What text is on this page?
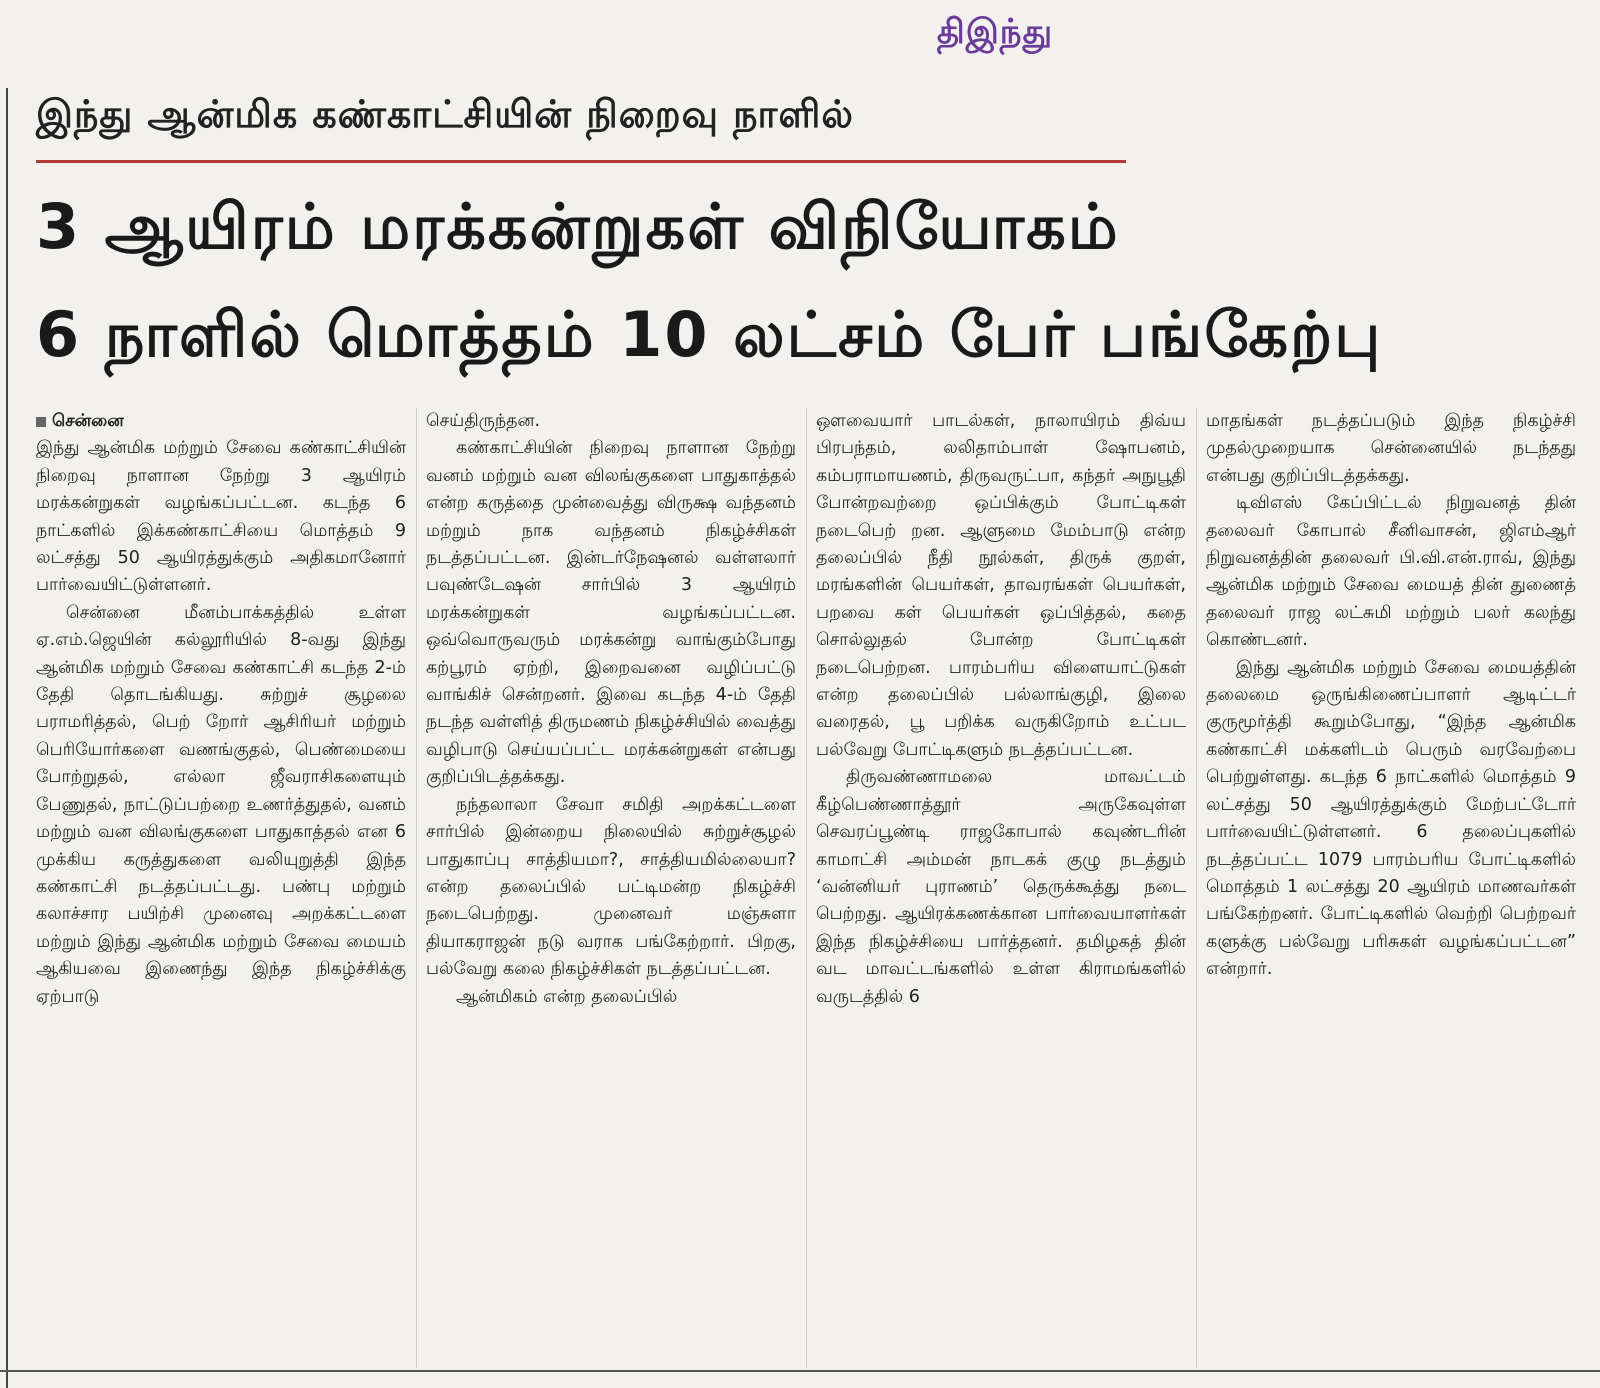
திஇந்து
இந்து ஆன்மிக கண்காட்சியின் நிறைவு நாளில்
3 ஆயிரம் மரக்கன்றுகள் விநியோகம்
6 நாளில் மொத்தம் 10 லட்சம் பேர் பங்கேற்பு
சென்னை

இந்து ஆன்மிக மற்றும் சேவை கண்காட்சியின் நிறைவு நாளான நேற்று 3 ஆயிரம் மரக்கன்றுகள் வழங்கப்பட்டன. கடந்த 6 நாட்களில் இக்கண்காட்சியை மொத்தம் 9 லட்சத்து 50 ஆயிரத்துக்கும் அதிகமானோர் பார்வையிட்டுள்ளனர்.

சென்னை மீனம்பாக்கத்தில் உள்ள ஏ.எம்.ஜெயின் கல்லூரியில் 8-வது இந்து ஆன்மிக மற்றும் சேவை கண்காட்சி கடந்த 2-ம் தேதி தொடங்கியது. சுற்றுச் சூழலை பராமரித்தல், பெற் றோர் ஆசிரியர் மற்றும் பெரியோர்களை வணங்குதல், பெண்மையை போற்றுதல், எல்லா ஜீவராசிகளையும் பேணுதல், நாட்டுப்பற்றை உணர்த்துதல், வனம் மற்றும் வன விலங்குகளை பாதுகாத்தல் என 6 முக்கிய கருத்துகளை வலியுறுத்தி இந்த கண்காட்சி நடத்தப்பட்டது. பண்பு மற்றும் கலாச்சார பயிற்சி முனைவு அறக்கட்டளை மற்றும் இந்து ஆன்மிக மற்றும் சேவை மையம் ஆகியவை இணைந்து இந்த நிகழ்ச்சிக்கு ஏற்பாடு

செய்திருந்தன.

கண்காட்சியின் நிறைவு நாளான நேற்று வனம் மற்றும் வன விலங்குகளை பாதுகாத்தல் என்ற கருத்தை முன்வைத்து விருக்ஷ வந்தனம் மற்றும் நாக வந்தனம் நிகழ்ச்சிகள் நடத்தப்பட்டன. இன்டர்நேஷனல் வள்ளலார் பவுண்டேஷன் சார்பில் 3 ஆயிரம் மரக்கன்றுகள் வழங்கப்பட்டன. ஒவ்வொருவரும் மரக்கன்று வாங்கும்போது கற்பூரம் ஏற்றி, இறைவனை வழிப்பட்டு வாங்கிச் சென்றனர். இவை கடந்த 4-ம் தேதி நடந்த வள்ளித் திருமணம் நிகழ்ச்சியில் வைத்து வழிபாடு செய்யப்பட்ட மரக்கன்றுகள் என்பது குறிப்பிடத்தக்கது.

நந்தலாலா சேவா சமிதி அறக்கட்டளை சார்பில் இன்றைய நிலையில் சுற்றுச்சூழல் பாதுகாப்பு சாத்தியமா?, சாத்தியமில்லையா? என்ற தலைப்பில் பட்டிமன்ற நிகழ்ச்சி நடைபெற்றது. முனைவர் மஞ்சுளா தியாகராஜன் நடு வராக பங்கேற்றார். பிறகு, பல்வேறு கலை நிகழ்ச்சிகள் நடத்தப்பட்டன.

ஆன்மிகம் என்ற தலைப்பில்

ஔவையார் பாடல்கள், நாலாயிரம் திவ்ய பிரபந்தம், லலிதாம்பாள் ஷோபனம், கம்பராமாயணம், திருவருட்பா, கந்தர் அநுபூதி போன்றவற்றை ஒப்பிக்கும் போட்டிகள் நடைபெற் றன. ஆளுமை மேம்பாடு என்ற தலைப்பில் நீதி நூல்கள், திருக் குறள், மரங்களின் பெயர்கள், தாவரங்கள் பெயர்கள், பறவை கள் பெயர்கள் ஒப்பித்தல், கதை சொல்லுதல் போன்ற போட்டிகள் நடைபெற்றன. பாரம்பரிய விளையாட்டுகள் என்ற தலைப்பில் பல்லாங்குழி, இலை வரைதல், பூ பறிக்க வருகிறோம் உட்பட பல்வேறு போட்டிகளும் நடத்தப்பட்டன.

திருவண்ணாமலை மாவட்டம் கீழ்பெண்ணாத்தூர் அருகேவுள்ள செவரப்பூண்டி ராஜகோபால் கவுண்டரின் காமாட்சி அம்மன் நாடகக் குழு நடத்தும் ‘வன்னியர் புராணம்’ தெருக்கூத்து நடை பெற்றது. ஆயிரக்கணக்கான பார்வையாளர்கள் இந்த நிகழ்ச்சியை பார்த்தனர். தமிழகத் தின் வட மாவட்டங்களில் உள்ள கிராமங்களில் வருடத்தில் 6

மாதங்கள் நடத்தப்படும் இந்த நிகழ்ச்சி முதல்முறையாக சென்னையில் நடந்தது என்பது குறிப்பிடத்தக்கது.

டிவிஎஸ் கேப்பிட்டல் நிறுவனத் தின் தலைவர் கோபால் சீனிவாசன், ஜிஎம்ஆர் நிறுவனத்தின் தலைவர் பி.வி.என்.ராவ், இந்து ஆன்மிக மற்றும் சேவை மையத் தின் துணைத் தலைவர் ராஜ லட்சுமி மற்றும் பலர் கலந்து கொண்டனர்.

இந்து ஆன்மிக மற்றும் சேவை மையத்தின் தலைமை ஒருங்கிணைப்பாளர் ஆடிட்டர் குருமூர்த்தி கூறும்போது, “இந்த ஆன்மிக கண்காட்சி மக்களிடம் பெரும் வரவேற்பை பெற்றுள்ளது. கடந்த 6 நாட்களில் மொத்தம் 9 லட்சத்து 50 ஆயிரத்துக்கும் மேற்பட்டோர் பார்வையிட்டுள்ளனர். 6 தலைப்புகளில் நடத்தப்பட்ட 1079 பாரம்பரிய போட்டிகளில் மொத்தம் 1 லட்சத்து 20 ஆயிரம் மாணவர்கள் பங்கேற்றனர். போட்டிகளில் வெற்றி பெற்றவர் களுக்கு பல்வேறு பரிசுகள் வழங்கப்பட்டன” என்றார்.
